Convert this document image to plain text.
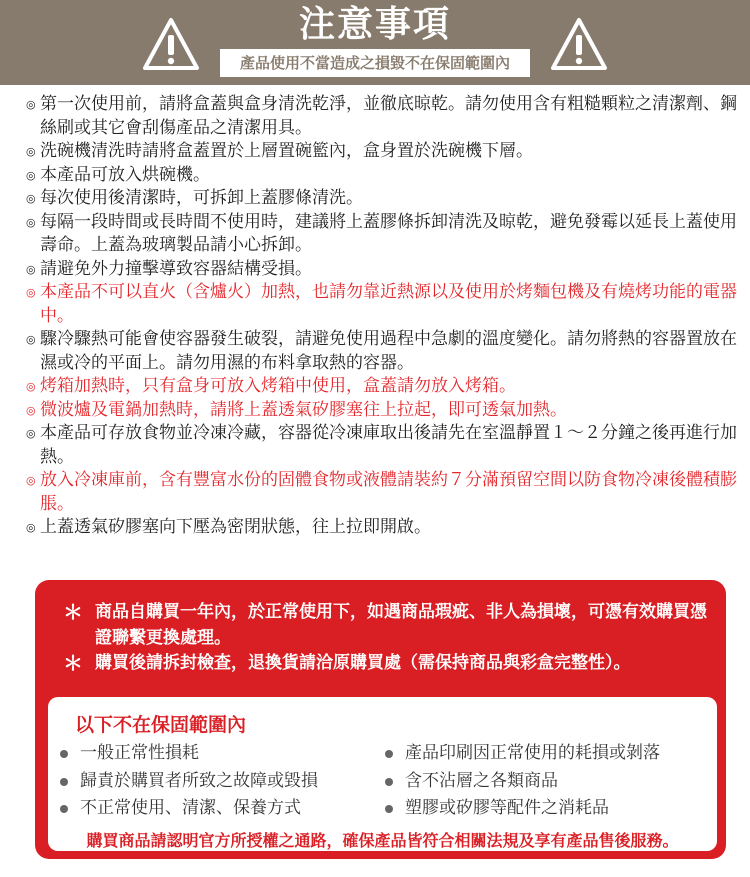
注意事項
產品使用不當造成之損毀不在保固範圍內
◎ 第一次使用前，請將盒蓋與盒身清洗乾淨，並徹底晾乾。請勿使用含有粗糙顆粒之清潔劑、鋼絲刷或其它會刮傷產品之清潔用具。
◎ 洗碗機清洗時請將盒蓋置於上層置碗籃內，盒身置於洗碗機下層。
◎ 本產品可放入烘碗機。
◎ 每次使用後清潔時，可拆卸上蓋膠條清洗。
◎ 每隔一段時間或長時間不使用時，建議將上蓋膠條拆卸清洗及晾乾，避免發霉以延長上蓋使用壽命。上蓋為玻璃製品請小心拆卸。
◎ 請避免外力撞擊導致容器結構受損。
◎ 本產品不可以直火（含爐火）加熱，也請勿靠近熱源以及使用於烤麵包機及有燒烤功能的電器中。
◎ 驟冷驟熱可能會使容器發生破裂，請避免使用過程中急劇的溫度變化。請勿將熱的容器置放在濕或冷的平面上。請勿用濕的布料拿取熱的容器。
◎ 烤箱加熱時，只有盒身可放入烤箱中使用，盒蓋請勿放入烤箱。
◎ 微波爐及電鍋加熱時，請將上蓋透氣矽膠塞往上拉起，即可透氣加熱。
◎ 本產品可存放食物並冷凍冷藏，容器從冷凍庫取出後請先在室溫靜置１～２分鐘之後再進行加熱。
◎ 放入冷凍庫前，含有豐富水份的固體食物或液體請裝約７分滿預留空間以防食物冷凍後體積膨脹。
◎ 上蓋透氣矽膠塞向下壓為密閉狀態，往上拉即開啟。
＊ 商品自購買一年內，於正常使用下，如遇商品瑕疵、非人為損壞，可憑有效購買憑證聯繫更換處理。
＊ 購買後請拆封檢查，退換貨請洽原購買處（需保持商品與彩盒完整性）。
以下不在保固範圍內
一般正常性損耗
歸責於購買者所致之故障或毀損
不正常使用、清潔、保養方式
產品印刷因正常使用的耗損或剝落
含不沾層之各類商品
塑膠或矽膠等配件之消耗品
購買商品請認明官方所授權之通路，確保產品皆符合相關法規及享有產品售後服務。
